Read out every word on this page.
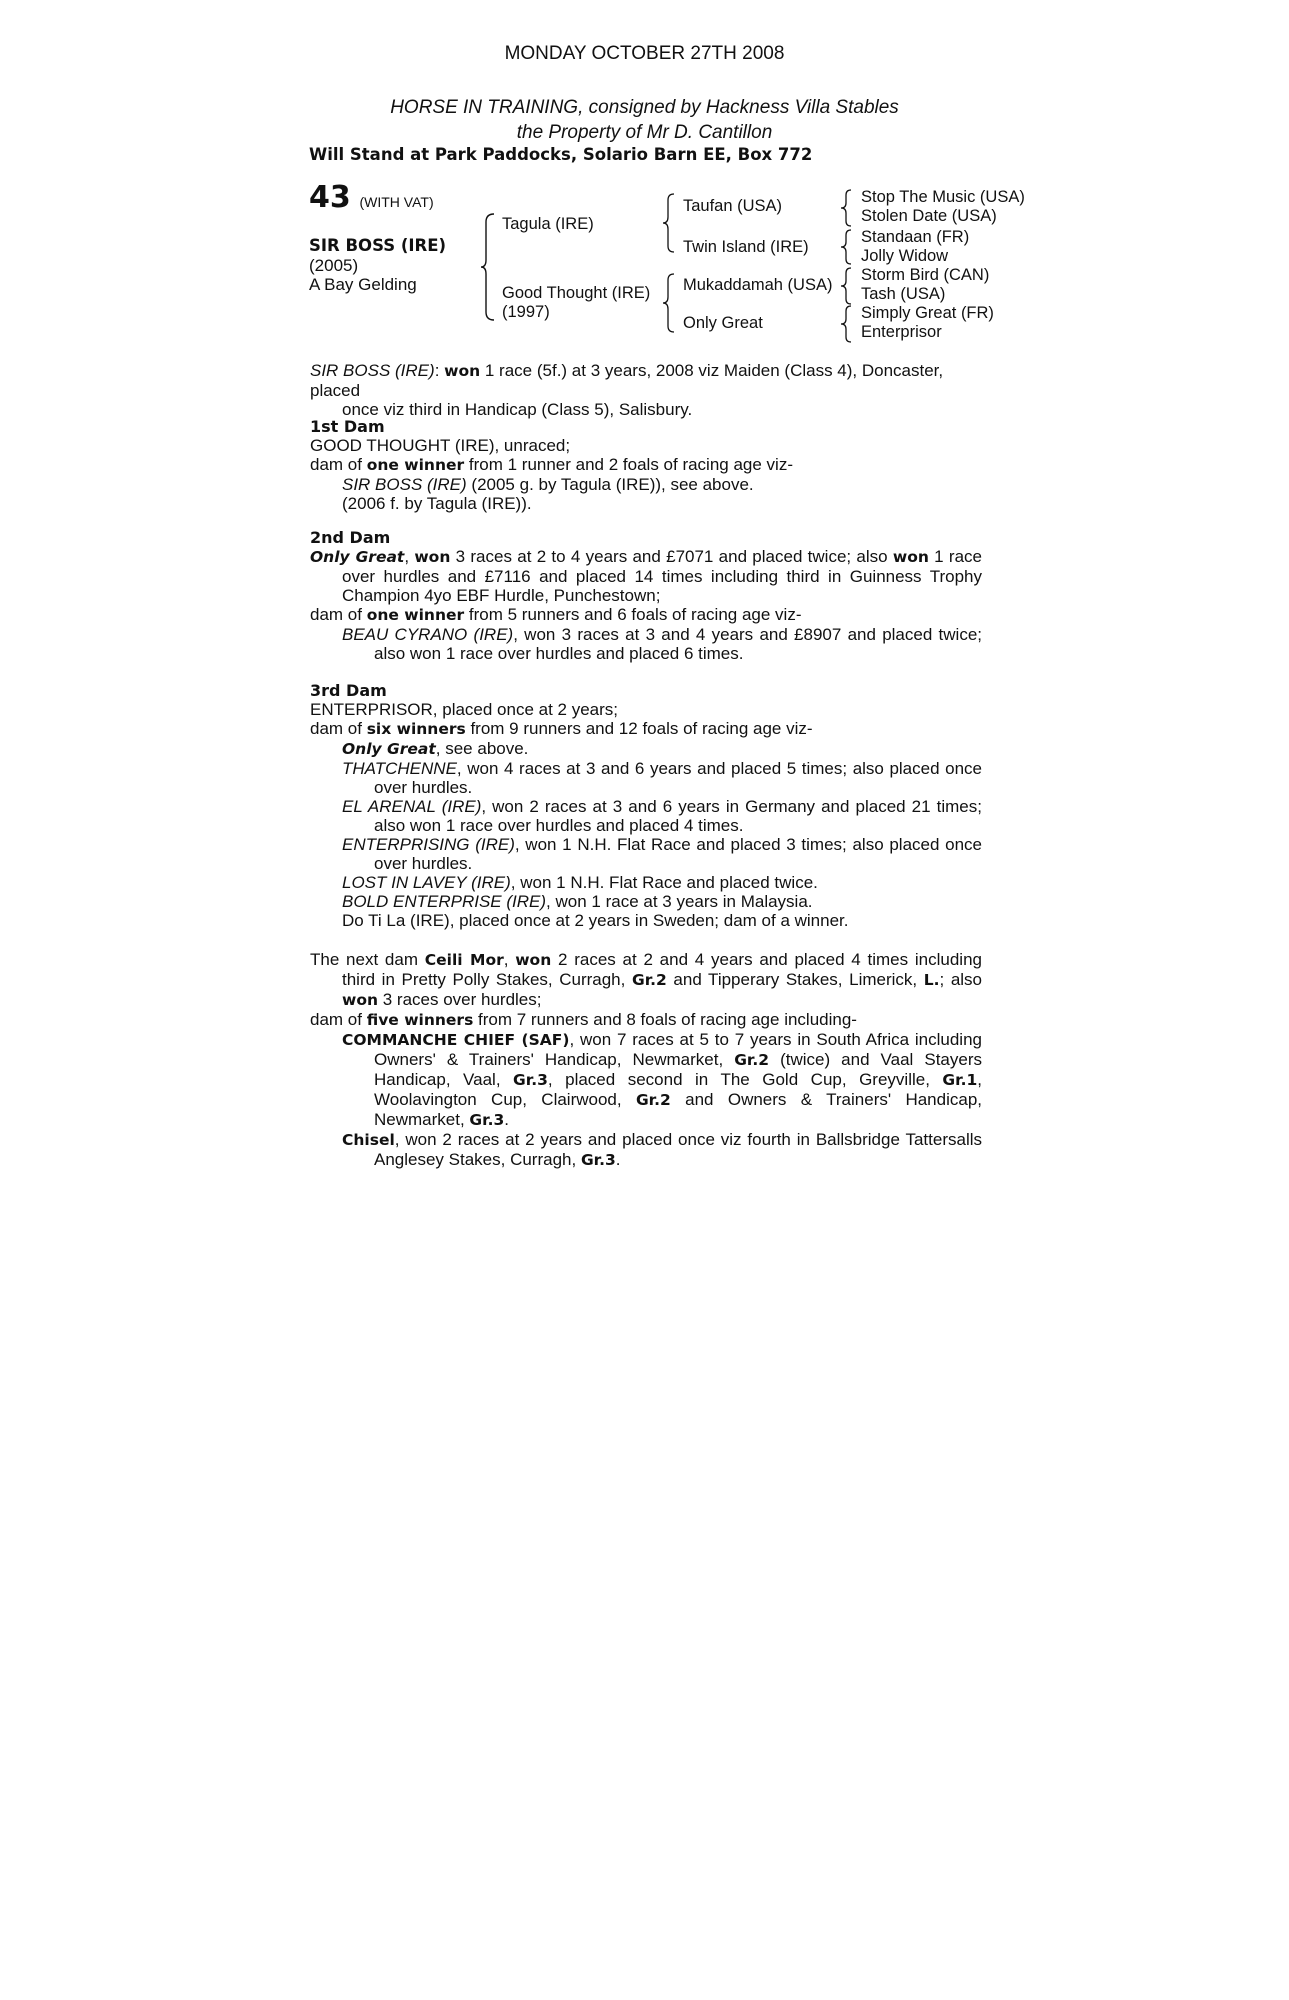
MONDAY OCTOBER 27TH 2008
HORSE IN TRAINING, consigned by Hackness Villa Stables
the Property of Mr D. Cantillon
Will Stand at Park Paddocks, Solario Barn EE, Box 772
43 (WITH VAT)
SIR BOSS (IRE)
(2005)
A Bay Gelding
Tagula (IRE)
Good Thought (IRE)
(1997)
Taufan (USA)
Twin Island (IRE)
Mukaddamah (USA)
Only Great
Stop The Music (USA)
Stolen Date (USA)
Standaan (FR)
Jolly Widow
Storm Bird (CAN)
Tash (USA)
Simply Great (FR)
Enterprisor
SIR BOSS (IRE): won 1 race (5f.) at 3 years, 2008 viz Maiden (Class 4), Doncaster, placed
once viz third in Handicap (Class 5), Salisbury.
1st Dam
GOOD THOUGHT (IRE), unraced;
dam of one winner from 1 runner and 2 foals of racing age viz-
SIR BOSS (IRE) (2005 g. by Tagula (IRE)), see above.
(2006 f. by Tagula (IRE)).
2nd Dam
Only Great, won 3 races at 2 to 4 years and £7071 and placed twice; also won 1 race over hurdles and £7116 and placed 14 times including third in Guinness Trophy Champion 4yo EBF Hurdle, Punchestown;
dam of one winner from 5 runners and 6 foals of racing age viz-
BEAU CYRANO (IRE), won 3 races at 3 and 4 years and £8907 and placed twice; also won 1 race over hurdles and placed 6 times.
3rd Dam
ENTERPRISOR, placed once at 2 years;
dam of six winners from 9 runners and 12 foals of racing age viz-
Only Great, see above.
THATCHENNE, won 4 races at 3 and 6 years and placed 5 times; also placed once over hurdles.
EL ARENAL (IRE), won 2 races at 3 and 6 years in Germany and placed 21 times; also won 1 race over hurdles and placed 4 times.
ENTERPRISING (IRE), won 1 N.H. Flat Race and placed 3 times; also placed once over hurdles.
LOST IN LAVEY (IRE), won 1 N.H. Flat Race and placed twice.
BOLD ENTERPRISE (IRE), won 1 race at 3 years in Malaysia.
Do Ti La (IRE), placed once at 2 years in Sweden; dam of a winner.
The next dam Ceili Mor, won 2 races at 2 and 4 years and placed 4 times including third in Pretty Polly Stakes, Curragh, Gr.2 and Tipperary Stakes, Limerick, L.; also won 3 races over hurdles;
dam of five winners from 7 runners and 8 foals of racing age including-
COMMANCHE CHIEF (SAF), won 7 races at 5 to 7 years in South Africa including Owners' & Trainers' Handicap, Newmarket, Gr.2 (twice) and Vaal Stayers Handicap, Vaal, Gr.3, placed second in The Gold Cup, Greyville, Gr.1, Woolavington Cup, Clairwood, Gr.2 and Owners & Trainers' Handicap, Newmarket, Gr.3.
Chisel, won 2 races at 2 years and placed once viz fourth in Ballsbridge Tattersalls Anglesey Stakes, Curragh, Gr.3.
